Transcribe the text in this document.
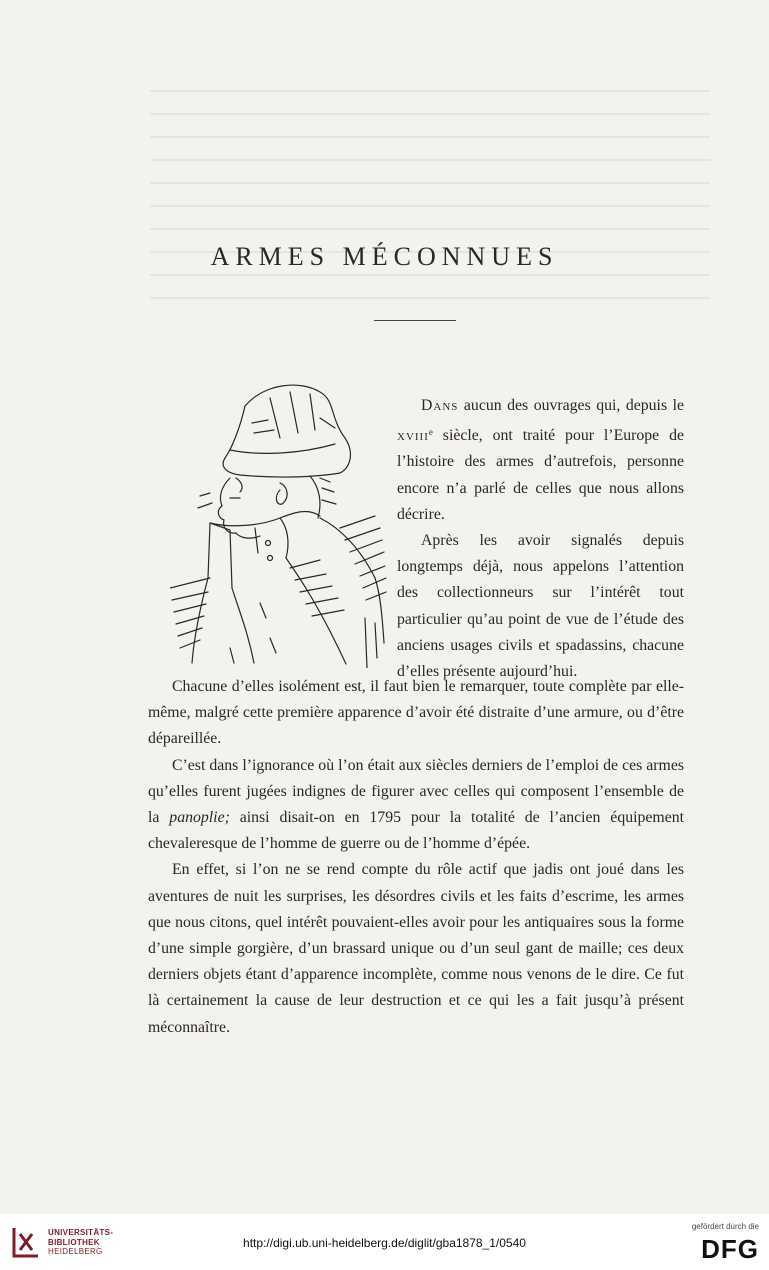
ARMES MÉCONNUES

Dans aucun des ouvrages qui, depuis le xviii$^e$ siècle, ont traité pour l’Europe de l’histoire des armes d’autrefois, personne encore n’a parlé de celles que nous allons décrire.

Après les avoir signalés depuis longtemps déjà, nous appelons l’attention des collectionneurs sur l’intérêt tout particulier qu’au point de vue de l’étude des anciens usages civils et spadassins, chacune d’elles présente aujourd’hui.

Chacune d’elles isolément est, il faut bien le remarquer, toute complète par elle-même, malgré cette première apparence d’avoir été distraite d’une armure, ou d’être dépareillée.

C’est dans l’ignorance où l’on était aux siècles derniers de l’emploi de ces armes qu’elles furent jugées indignes de figurer avec celles qui composent l’ensemble de la panoplie; ainsi disait-on en 1795 pour la totalité de l’ancien équipement chevaleresque de l’homme de guerre ou de l’homme d’épée.

En effet, si l’on ne se rend compte du rôle actif que jadis ont joué dans les aventures de nuit les surprises, les désordres civils et les faits d’escrime, les armes que nous citons, quel intérêt pouvaient-elles avoir pour les antiquaires sous la forme d’une simple gorgière, d’un brassard unique ou d’un seul gant de maille; ces deux derniers objets étant d’apparence incomplète, comme nous venons de le dire. Ce fut là certainement la cause de leur destruction et ce qui les a fait jusqu’à présent méconnaître.

UNIVERSITÄTS-
BIBLIOTHEK
HEIDELBERG
http://digi.ub.uni-heidelberg.de/diglit/gba1878_1/0540
gefördert durch die
DFG
